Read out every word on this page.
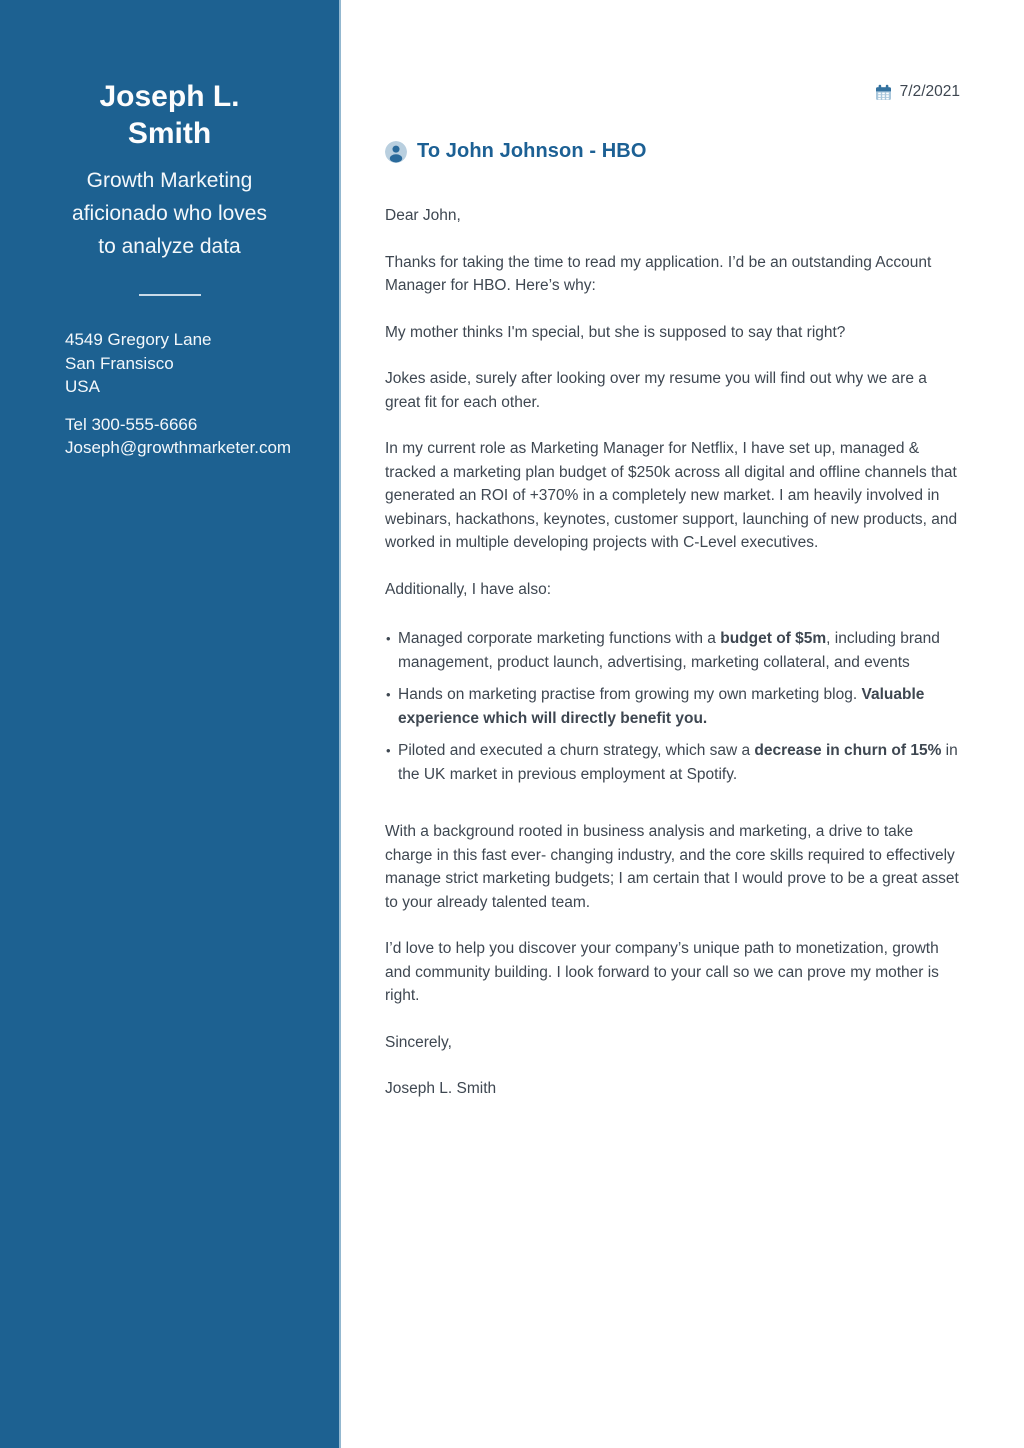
Joseph L.
Smith
Growth Marketing
aficionado who loves
to analyze data
4549 Gregory Lane
San Fransisco
USA
Tel 300-555-6666
Joseph@growthmarketer.com
7/2/2021
To John Johnson - HBO

Dear John,

Thanks for taking the time to read my application. I’d be an outstanding Account Manager for HBO. Here’s why:

My mother thinks I'm special, but she is supposed to say that right?

Jokes aside, surely after looking over my resume you will find out why we are a great fit for each other.

In my current role as Marketing Manager for Netflix, I have set up, managed & tracked a marketing plan budget of $250k across all digital and offline channels that generated an ROI of +370% in a completely new market. I am heavily involved in webinars, hackathons, keynotes, customer support, launching of new products, and worked in multiple developing projects with C-Level executives.

Additionally, I have also:

• Managed corporate marketing functions with a budget of $5m, including brand management, product launch, advertising, marketing collateral, and events
• Hands on marketing practise from growing my own marketing blog. Valuable experience which will directly benefit you.
• Piloted and executed a churn strategy, which saw a decrease in churn of 15% in the UK market in previous employment at Spotify.

With a background rooted in business analysis and marketing, a drive to take charge in this fast ever- changing industry, and the core skills required to effectively manage strict marketing budgets; I am certain that I would prove to be a great asset to your already talented team.

I’d love to help you discover your company’s unique path to monetization, growth and community building. I look forward to your call so we can prove my mother is right.

Sincerely,

Joseph L. Smith
